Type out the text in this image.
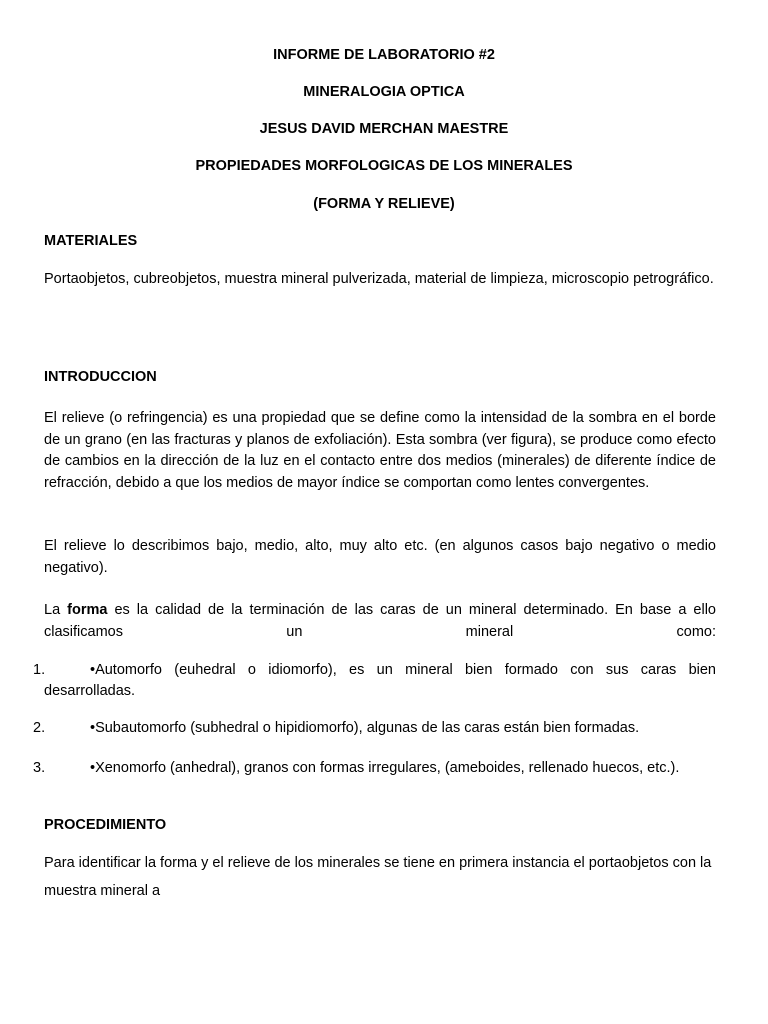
INFORME DE LABORATORIO #2
MINERALOGIA OPTICA
JESUS DAVID MERCHAN MAESTRE
PROPIEDADES MORFOLOGICAS DE LOS MINERALES
(FORMA Y RELIEVE)
MATERIALES
Portaobjetos, cubreobjetos, muestra mineral pulverizada, material de limpieza, microscopio petrográfico.
INTRODUCCION
El relieve (o refringencia) es una propiedad que se define como la intensidad de la sombra en el borde de un grano (en las fracturas y planos de exfoliación). Esta sombra (ver figura), se produce como efecto de cambios en la dirección de la luz en el contacto entre dos medios (minerales) de diferente índice de refracción, debido a que los medios de mayor índice se comportan como lentes convergentes.
El relieve lo describimos bajo, medio, alto, muy alto etc. (en algunos casos bajo negativo o medio negativo).
La forma es la calidad de la terminación de las caras de un mineral determinado. En base a ello
clasificamos un mineral como:
1.	•Automorfo (euhedral o idiomorfo), es un mineral bien formado con sus caras bien
desarrolladas.
2.	•Subautomorfo (subhedral o hipidiomorfo), algunas de las caras están bien formadas.
3.	•Xenomorfo (anhedral), granos con formas irregulares, (ameboides, rellenado huecos, etc.).
PROCEDIMIENTO
Para identificar la forma y el relieve de los minerales se tiene en primera instancia el portaobjetos con la muestra mineral a
